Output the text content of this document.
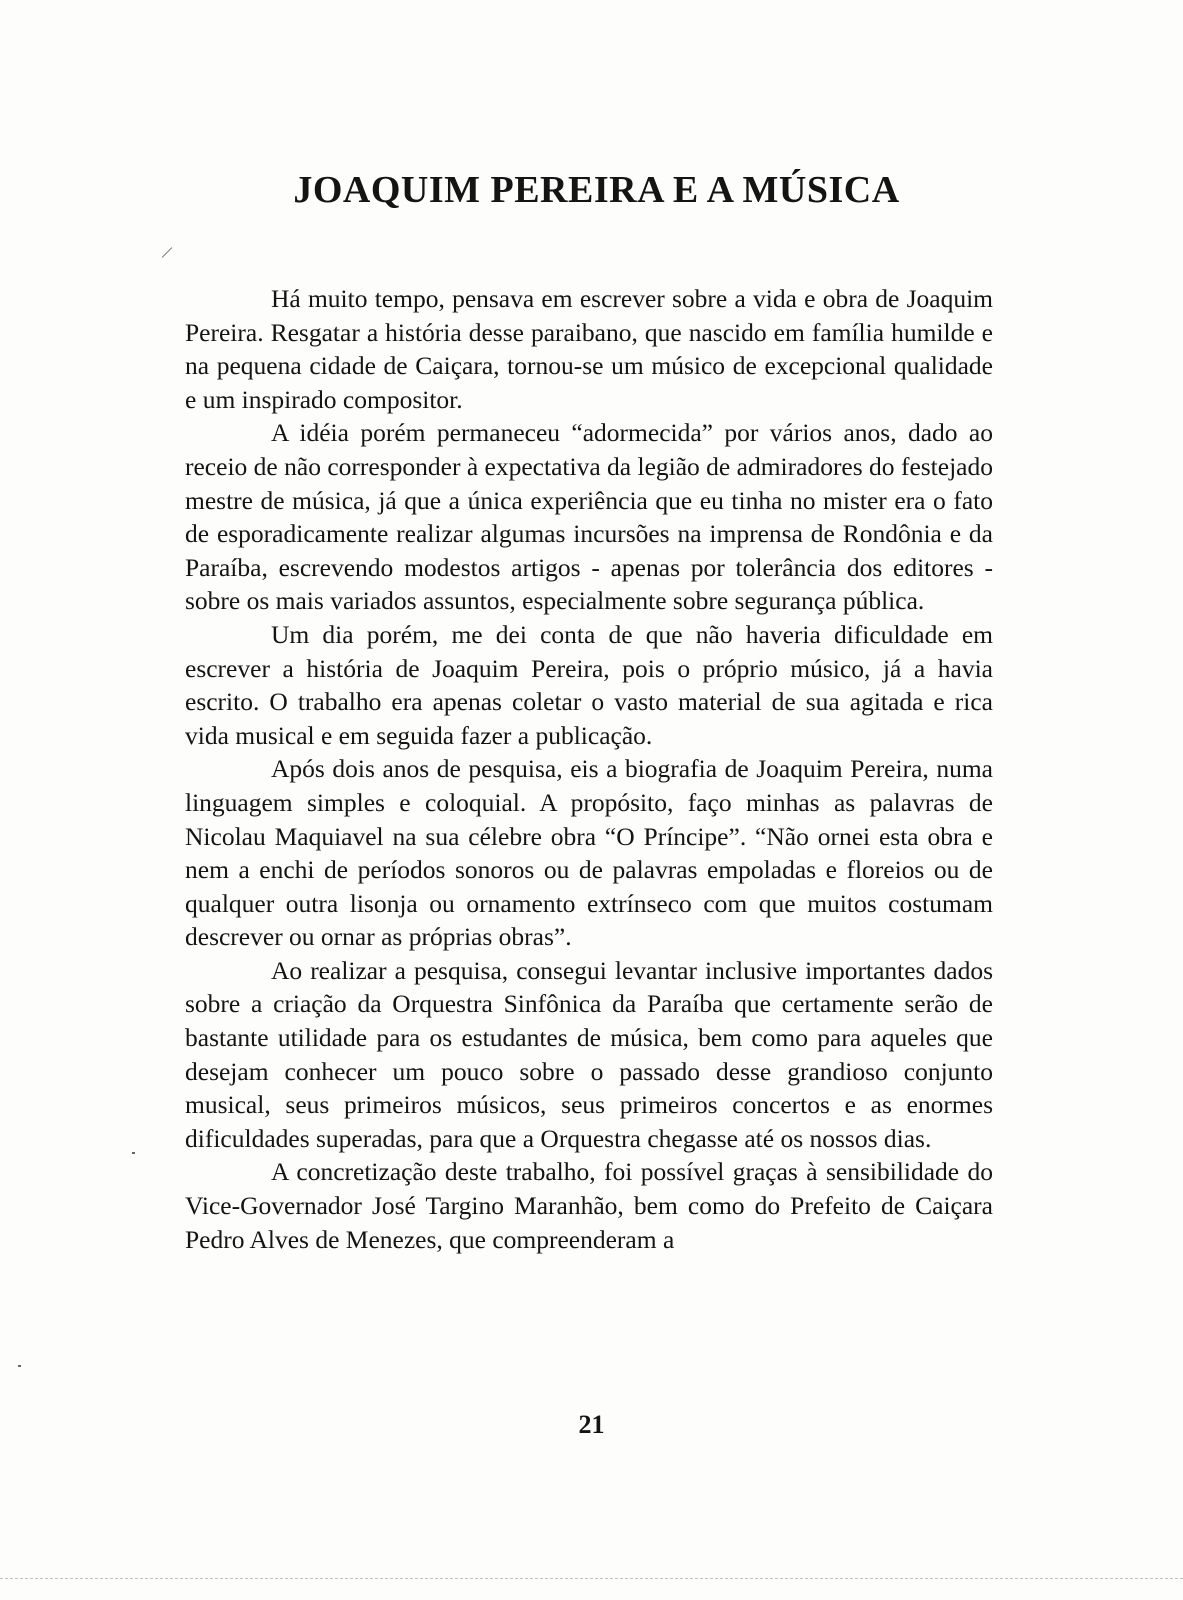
JOAQUIM PEREIRA E A MÚSICA

Há muito tempo, pensava em escrever sobre a vida e obra de Joaquim Pereira. Resgatar a história desse paraibano, que nascido em família humilde e na pequena cidade de Caiçara, tornou-se um músico de excepcional qualidade e um inspirado compositor.

A idéia porém permaneceu “adormecida” por vários anos, dado ao receio de não corresponder à expectativa da legião de admiradores do festejado mestre de música, já que a única experiência que eu tinha no mister era o fato de esporadicamente realizar algumas incursões na imprensa de Rondônia e da Paraíba, escrevendo modestos artigos - apenas por tolerância dos editores - sobre os mais variados assuntos, especialmente sobre segurança pública.

Um dia porém, me dei conta de que não haveria dificuldade em escrever a história de Joaquim Pereira, pois o próprio músico, já a havia escrito. O trabalho era apenas coletar o vasto material de sua agitada e rica vida musical e em seguida fazer a publicação.

Após dois anos de pesquisa, eis a biografia de Joaquim Pereira, numa linguagem simples e coloquial. A propósito, faço minhas as palavras de Nicolau Maquiavel na sua célebre obra “O Príncipe”. “Não ornei esta obra e nem a enchi de períodos sonoros ou de palavras empoladas e floreios ou de qualquer outra lisonja ou ornamento extrínseco com que muitos costumam descrever ou ornar as próprias obras”.

Ao realizar a pesquisa, consegui levantar inclusive importantes dados sobre a criação da Orquestra Sinfônica da Paraíba que certamente serão de bastante utilidade para os estudantes de música, bem como para aqueles que desejam conhecer um pouco sobre o passado desse grandioso conjunto musical, seus primeiros músicos, seus primeiros concertos e as enormes dificuldades superadas, para que a Orquestra chegasse até os nossos dias.

A concretização deste trabalho, foi possível graças à sensibilidade do Vice-Governador José Targino Maranhão, bem como do Prefeito de Caiçara Pedro Alves de Menezes, que compreenderam a

21
